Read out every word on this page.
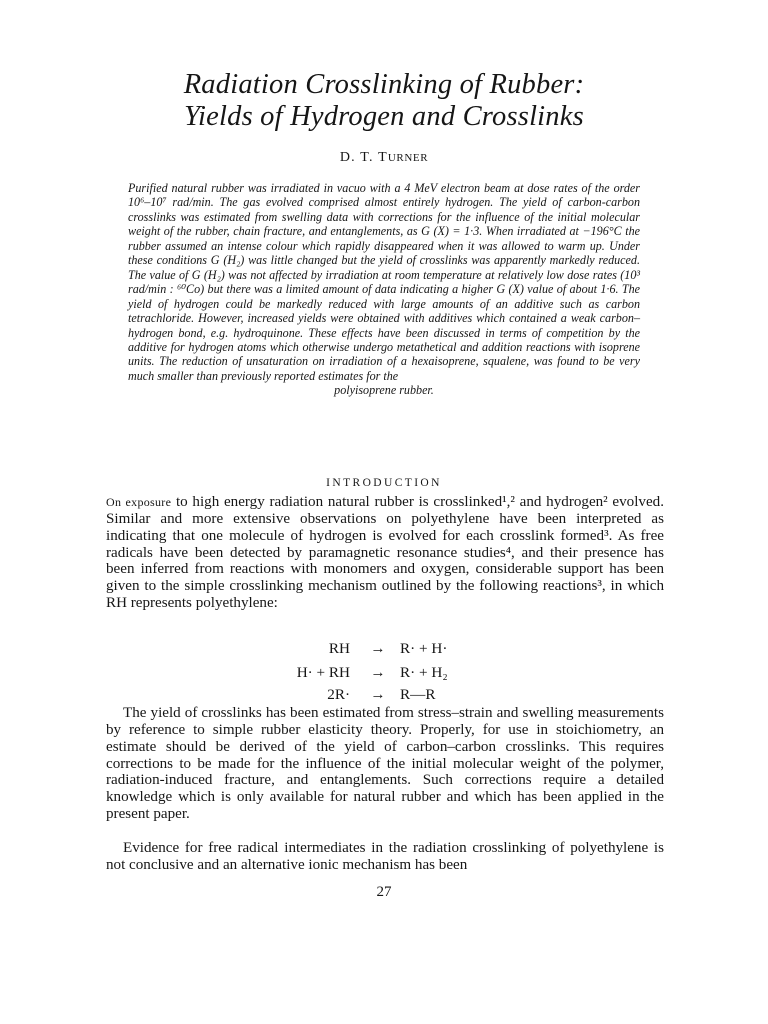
Radiation Crosslinking of Rubber:
Yields of Hydrogen and Crosslinks
D. T. TURNER
Purified natural rubber was irradiated in vacuo with a 4 MeV electron beam at dose rates of the order 10⁶–10⁷ rad/min. The gas evolved comprised almost entirely hydrogen. The yield of carbon-carbon crosslinks was estimated from swelling data with corrections for the influence of the initial molecular weight of the rubber, chain fracture, and entanglements, as G (X) = 1·3. When irradiated at −196°C the rubber assumed an intense colour which rapidly disappeared when it was allowed to warm up. Under these conditions G (H₂) was little changed but the yield of crosslinks was apparently markedly reduced. The value of G (H₂) was not affected by irradiation at room temperature at relatively low dose rates (10³ rad/min : ⁶⁰Co) but there was a limited amount of data indicating a higher G (X) value of about 1·6. The yield of hydrogen could be markedly reduced with large amounts of an additive such as carbon tetrachloride. However, increased yields were obtained with additives which contained a weak carbon–hydrogen bond, e.g. hydroquinone. These effects have been discussed in terms of competition by the additive for hydrogen atoms which otherwise undergo metathetical and addition reactions with isoprene units. The reduction of unsaturation on irradiation of a hexaisoprene, squalene, was found to be very much smaller than previously reported estimates for the
polyisoprene rubber.
INTRODUCTION

On exposure to high energy radiation natural rubber is crosslinked¹,² and hydrogen² evolved. Similar and more extensive observations on polyethylene have been interpreted as indicating that one molecule of hydrogen is evolved for each crosslink formed³. As free radicals have been detected by paramagnetic resonance studies⁴, and their presence has been inferred from reactions with monomers and oxygen, considerable support has been given to the simple crosslinking mechanism outlined by the following reactions³, in which RH represents polyethylene:

RH	→ R· + H·
H· + RH	→ R· + H₂
2R·	→ R—R

The yield of crosslinks has been estimated from stress–strain and swelling measurements by reference to simple rubber elasticity theory. Properly, for use in stoichiometry, an estimate should be derived of the yield of carbon–carbon crosslinks. This requires corrections to be made for the influence of the initial molecular weight of the polymer, radiation-induced fracture, and entanglements. Such corrections require a detailed knowledge which is only available for natural rubber and which has been applied in the present paper.

Evidence for free radical intermediates in the radiation crosslinking of polyethylene is not conclusive and an alternative ionic mechanism has been

27
